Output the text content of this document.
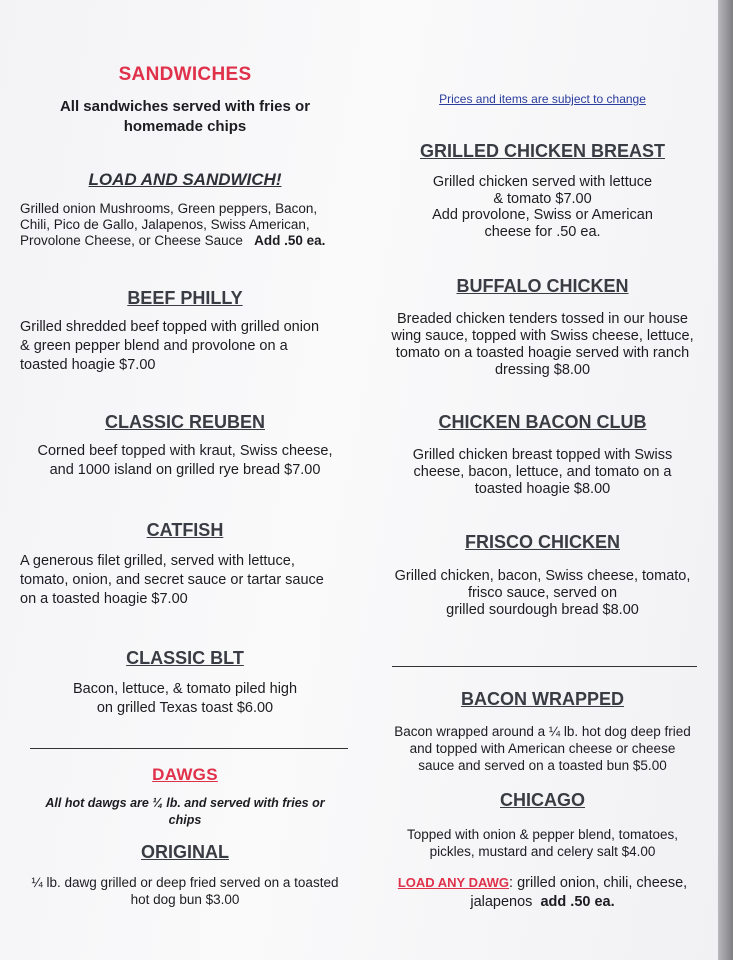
SANDWICHES

All sandwiches served with fries or

homemade chips

LOAD AND SANDWICH!

Grilled onion Mushrooms, Green peppers, Bacon,

Chili, Pico de Gallo, Jalapenos, Swiss American,

Provolone Cheese, or Cheese Sauce Add .50 ea.

BEEF PHILLY

Grilled shredded beef topped with grilled onion

& green pepper blend and provolone on a

toasted hoagie $7.00

CLASSIC REUBEN

Corned beef topped with kraut, Swiss cheese,

and 1000 island on grilled rye bread $7.00

CATFISH

A generous filet grilled, served with lettuce,

tomato, onion, and secret sauce or tartar sauce

on a toasted hoagie $7.00

CLASSIC BLT

Bacon, lettuce, & tomato piled high

on grilled Texas toast $6.00

DAWGS

All hot dawgs are ¼ lb. and served with fries or

chips

ORIGINAL

¼ lb. dawg grilled or deep fried served on a toasted

hot dog bun $3.00

Prices and items are subject to change

GRILLED CHICKEN BREAST

Grilled chicken served with lettuce

& tomato $7.00

Add provolone, Swiss or American

cheese for .50 ea.

BUFFALO CHICKEN

Breaded chicken tenders tossed in our house

wing sauce, topped with Swiss cheese, lettuce,

tomato on a toasted hoagie served with ranch

dressing $8.00

CHICKEN BACON CLUB

Grilled chicken breast topped with Swiss

cheese, bacon, lettuce, and tomato on a

toasted hoagie $8.00

FRISCO CHICKEN

Grilled chicken, bacon, Swiss cheese, tomato,

frisco sauce, served on

grilled sourdough bread $8.00

BACON WRAPPED

Bacon wrapped around a ¼ lb. hot dog deep fried

and topped with American cheese or cheese

sauce and served on a toasted bun $5.00

CHICAGO

Topped with onion & pepper blend, tomatoes,

pickles, mustard and celery salt $4.00

LOAD ANY DAWG: grilled onion, chili, cheese,

jalapenos add .50 ea.
